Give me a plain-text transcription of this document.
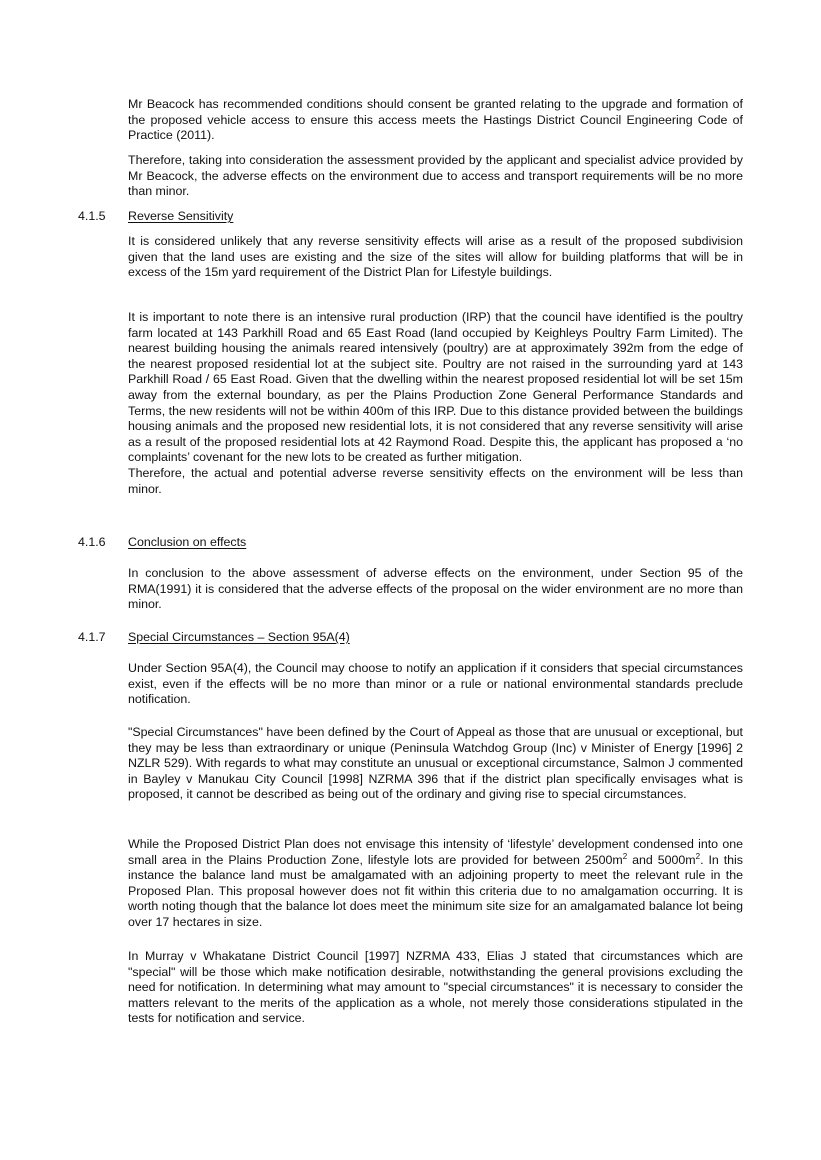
Mr Beacock has recommended conditions should consent be granted relating to the upgrade and formation of the proposed vehicle access to ensure this access meets the Hastings District Council Engineering Code of Practice (2011).

Therefore, taking into consideration the assessment provided by the applicant and specialist advice provided by Mr Beacock, the adverse effects on the environment due to access and transport requirements will be no more than minor.

4.1.5 Reverse Sensitivity

It is considered unlikely that any reverse sensitivity effects will arise as a result of the proposed subdivision given that the land uses are existing and the size of the sites will allow for building platforms that will be in excess of the 15m yard requirement of the District Plan for Lifestyle buildings.

It is important to note there is an intensive rural production (IRP) that the council have identified is the poultry farm located at 143 Parkhill Road and 65 East Road (land occupied by Keighleys Poultry Farm Limited). The nearest building housing the animals reared intensively (poultry) are at approximately 392m from the edge of the nearest proposed residential lot at the subject site. Poultry are not raised in the surrounding yard at 143 Parkhill Road / 65 East Road. Given that the dwelling within the nearest proposed residential lot will be set 15m away from the external boundary, as per the Plains Production Zone General Performance Standards and Terms, the new residents will not be within 400m of this IRP. Due to this distance provided between the buildings housing animals and the proposed new residential lots, it is not considered that any reverse sensitivity will arise as a result of the proposed residential lots at 42 Raymond Road. Despite this, the applicant has proposed a ‘no complaints’ covenant for the new lots to be created as further mitigation.

Therefore, the actual and potential adverse reverse sensitivity effects on the environment will be less than minor.

4.1.6 Conclusion on effects

In conclusion to the above assessment of adverse effects on the environment, under Section 95 of the RMA(1991) it is considered that the adverse effects of the proposal on the wider environment are no more than minor.

4.1.7 Special Circumstances – Section 95A(4)

Under Section 95A(4), the Council may choose to notify an application if it considers that special circumstances exist, even if the effects will be no more than minor or a rule or national environmental standards preclude notification.

"Special Circumstances" have been defined by the Court of Appeal as those that are unusual or exceptional, but they may be less than extraordinary or unique (Peninsula Watchdog Group (Inc) v Minister of Energy [1996] 2 NZLR 529). With regards to what may constitute an unusual or exceptional circumstance, Salmon J commented in Bayley v Manukau City Council [1998] NZRMA 396 that if the district plan specifically envisages what is proposed, it cannot be described as being out of the ordinary and giving rise to special circumstances.

While the Proposed District Plan does not envisage this intensity of ‘lifestyle’ development condensed into one small area in the Plains Production Zone, lifestyle lots are provided for between $2500m^2$ and $5000m^2$. In this instance the balance land must be amalgamated with an adjoining property to meet the relevant rule in the Proposed Plan. This proposal however does not fit within this criteria due to no amalgamation occurring. It is worth noting though that the balance lot does meet the minimum site size for an amalgamated balance lot being over 17 hectares in size.

In Murray v Whakatane District Council [1997] NZRMA 433, Elias J stated that circumstances which are "special" will be those which make notification desirable, notwithstanding the general provisions excluding the need for notification. In determining what may amount to "special circumstances" it is necessary to consider the matters relevant to the merits of the application as a whole, not merely those considerations stipulated in the tests for notification and service.
